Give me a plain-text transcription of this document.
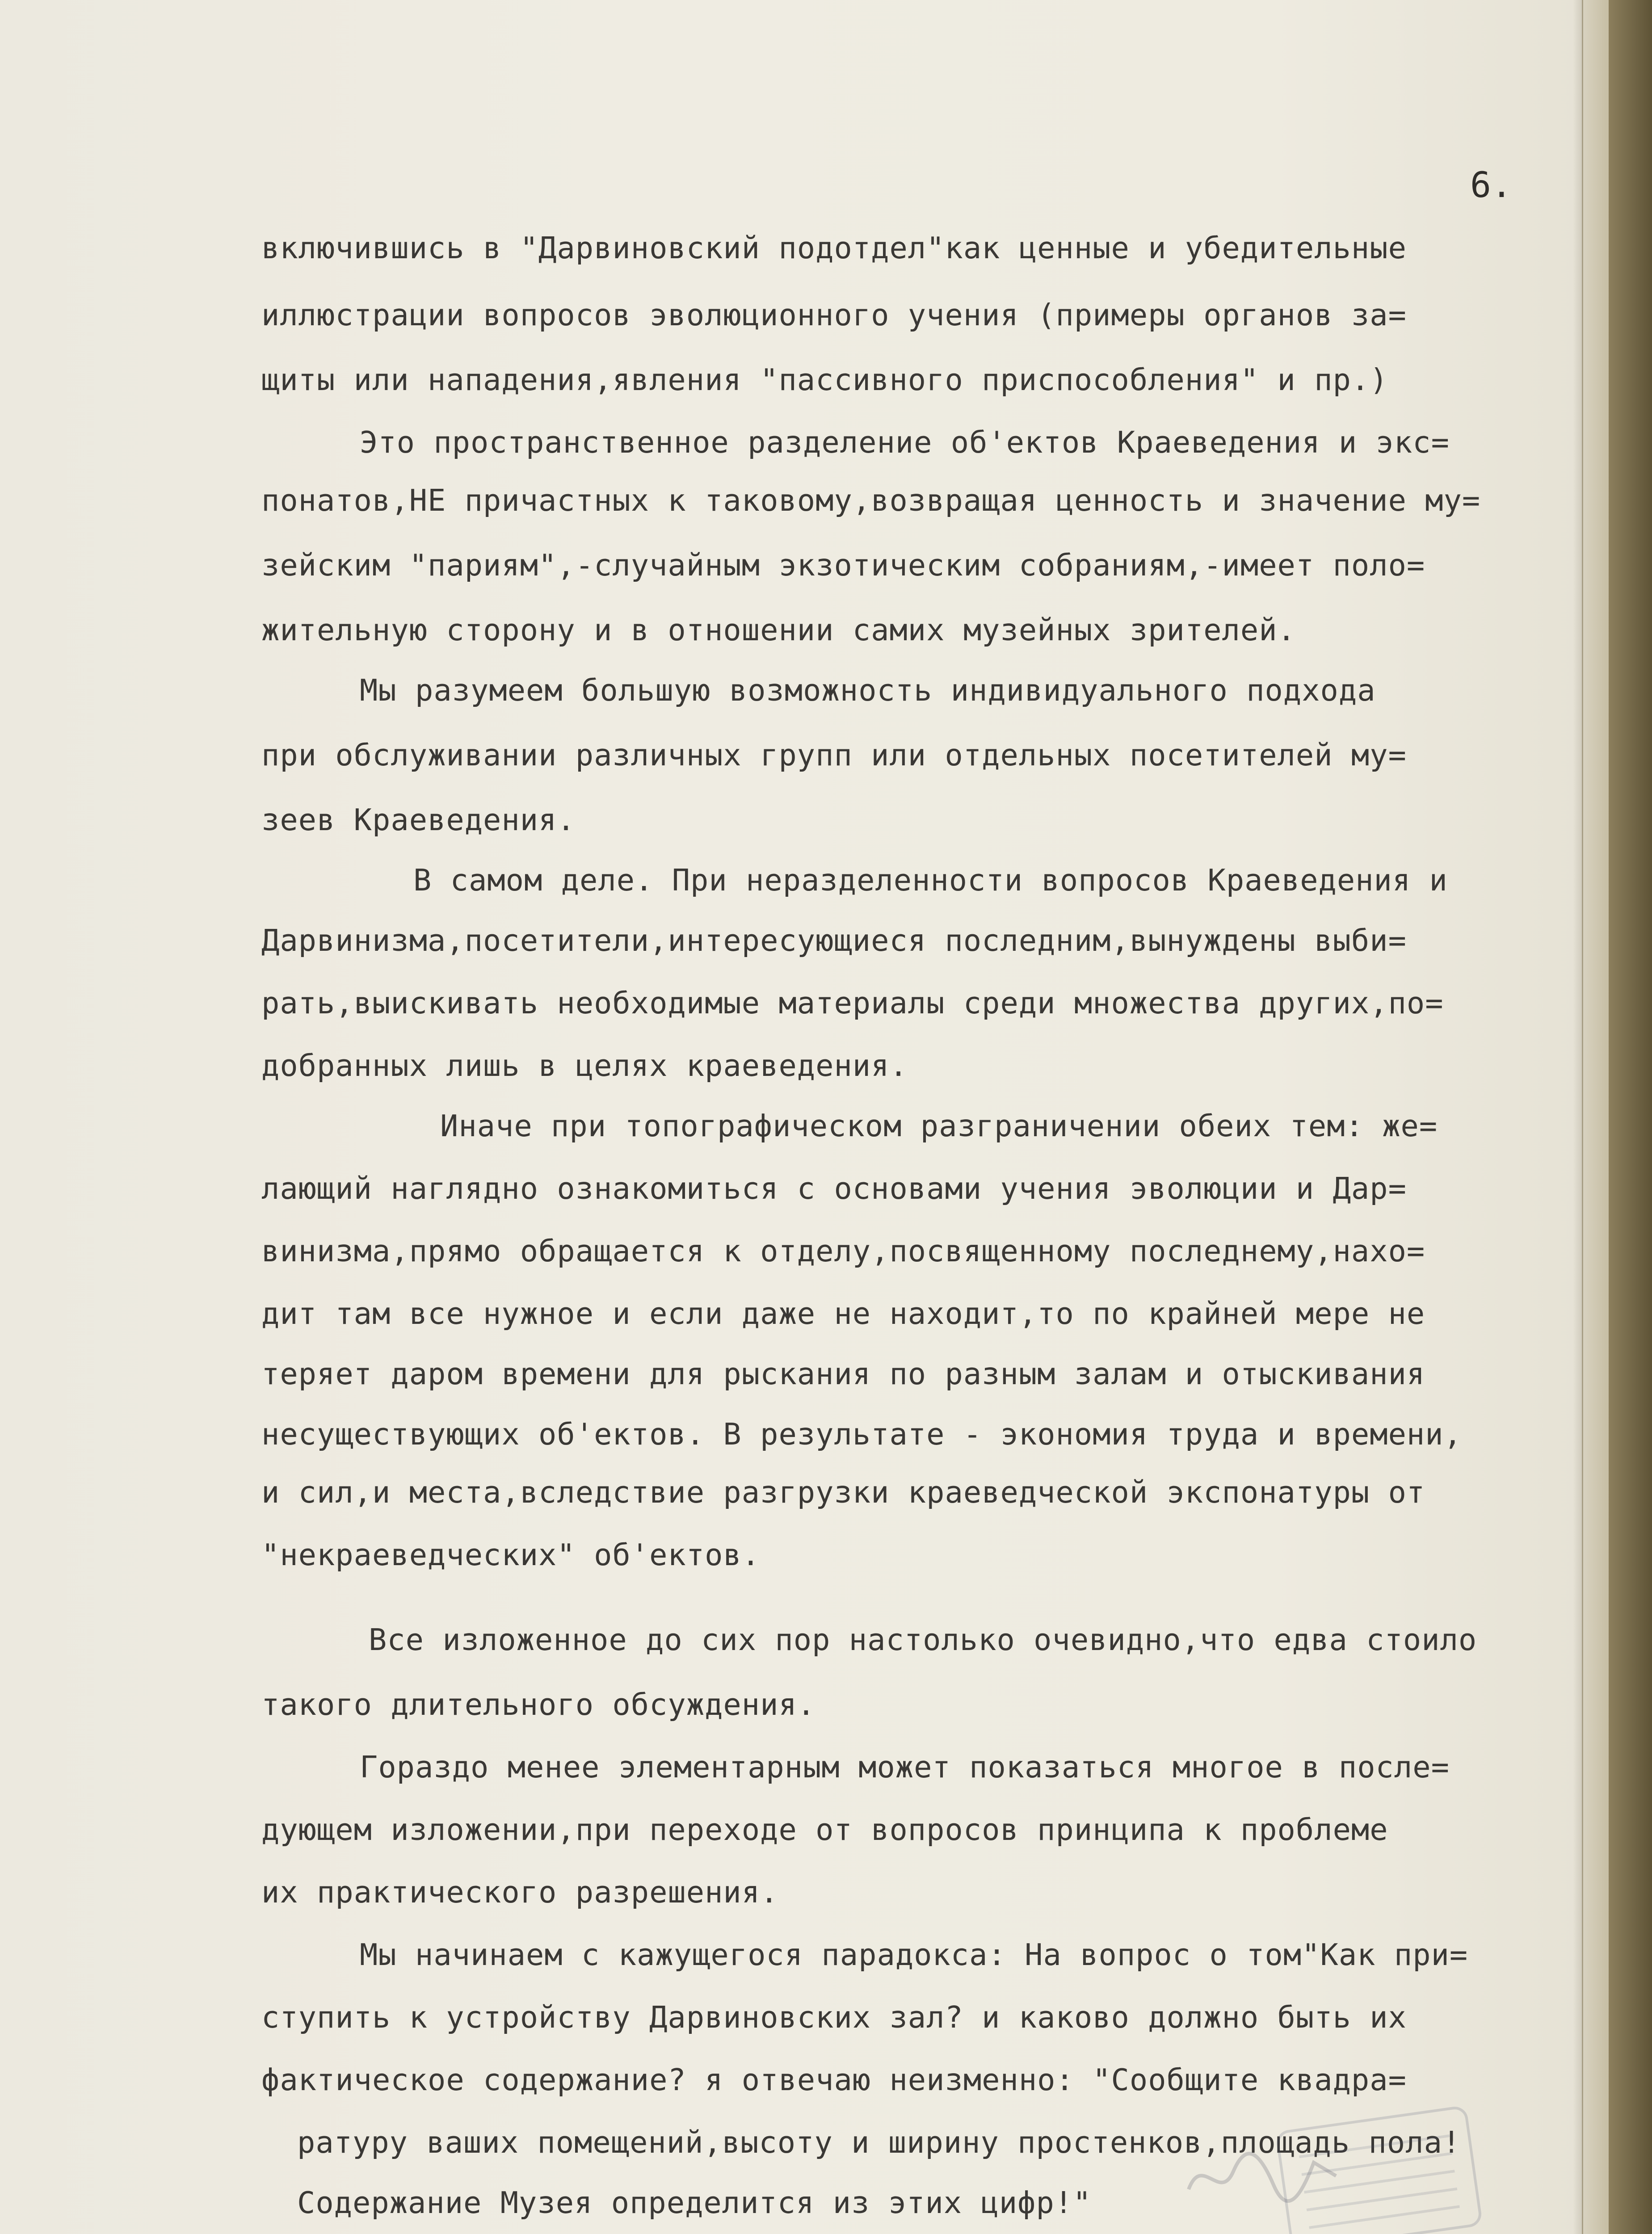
6.
включившись в "Дарвиновский подотдел"как ценные и убедительные
иллюстрации вопросов эволюционного учения (примеры органов за=
щиты или нападения,явления "пассивного приспособления" и пр.)
Это пространственное разделение об'ектов Краеведения и экс=
понатов,НЕ причастных к таковому,возвращая ценность и значение му=
зейским "париям",-случайным экзотическим собраниям,-имеет поло=
жительную сторону и в отношении самих музейных зрителей.
Мы разумеем большую возможность индивидуального подхода
при обслуживании различных групп или отдельных посетителей му=
зеев Краеведения.
В самом деле. При неразделенности вопросов Краеведения и
Дарвинизма,посетители,интересующиеся последним,вынуждены выби=
рать,выискивать необходимые материалы среди множества других,по=
добранных лишь в целях краеведения.
Иначе при топографическом разграничении обеих тем: же=
лающий наглядно ознакомиться с основами учения эволюции и Дар=
винизма,прямо обращается к отделу,посвященному последнему,нахо=
дит там все нужное и если даже не находит,то по крайней мере не
теряет даром времени для рыскания по разным залам и отыскивания
несуществующих об'ектов. В результате - экономия труда и времени,
и сил,и места,вследствие разгрузки краеведческой экспонатуры от
"некраеведческих" об'ектов.
Все изложенное до сих пор настолько очевидно,что едва стоило
такого длительного обсуждения.
Гораздо менее элементарным может показаться многое в после=
дующем изложении,при переходе от вопросов принципа к проблеме
их практического разрешения.
Мы начинаем с кажущегося парадокса: На вопрос о том"Как при=
ступить к устройству Дарвиновских зал? и каково должно быть их
фактическое содержание? я отвечаю неизменно: "Сообщите квадра=
ратуру ваших помещений,высоту и ширину простенков,площадь пола!
Содержание Музея определится из этих цифр!"
